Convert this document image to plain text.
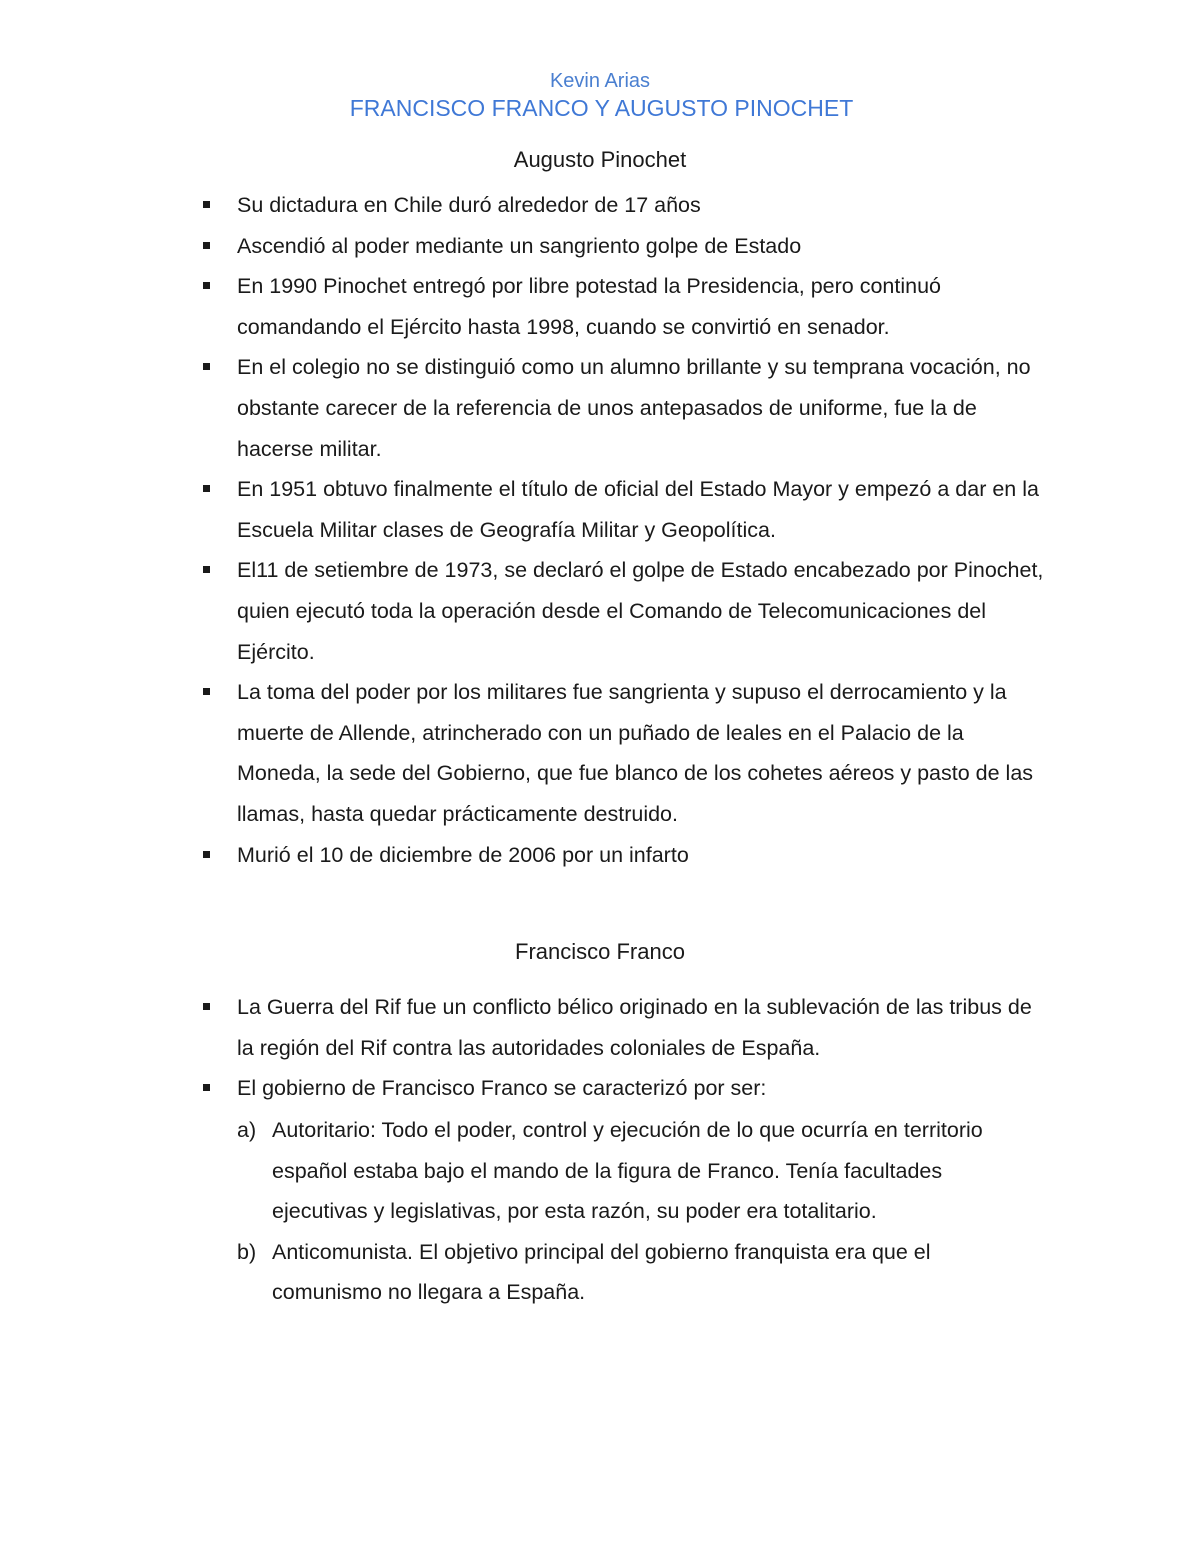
Kevin Arias
FRANCISCO FRANCO Y AUGUSTO PINOCHET
Augusto Pinochet
Su dictadura en Chile duró alrededor de 17 años
Ascendió al poder mediante un sangriento golpe de Estado
En 1990 Pinochet entregó por libre potestad la Presidencia, pero continuó comandando el Ejército hasta 1998, cuando se convirtió en senador.
En el colegio no se distinguió como un alumno brillante y su temprana vocación, no obstante carecer de la referencia de unos antepasados de uniforme, fue la de hacerse militar.
En 1951 obtuvo finalmente el título de oficial del Estado Mayor y empezó a dar en la Escuela Militar clases de Geografía Militar y Geopolítica.
El11 de setiembre de 1973, se declaró el golpe de Estado encabezado por Pinochet, quien ejecutó toda la operación desde el Comando de Telecomunicaciones del Ejército.
La toma del poder por los militares fue sangrienta y supuso el derrocamiento y la muerte de Allende, atrincherado con un puñado de leales en el Palacio de la Moneda, la sede del Gobierno, que fue blanco de los cohetes aéreos y pasto de las llamas, hasta quedar prácticamente destruido.
Murió el 10 de diciembre de 2006 por un infarto
Francisco Franco
La Guerra del Rif fue un conflicto bélico originado en la sublevación de las tribus de la región del Rif contra las autoridades coloniales de España.
El gobierno de Francisco Franco se caracterizó por ser:
a) Autoritario: Todo el poder, control y ejecución de lo que ocurría en territorio español estaba bajo el mando de la figura de Franco. Tenía facultades ejecutivas y legislativas, por esta razón, su poder era totalitario.
b) Anticomunista. El objetivo principal del gobierno franquista era que el comunismo no llegara a España.
